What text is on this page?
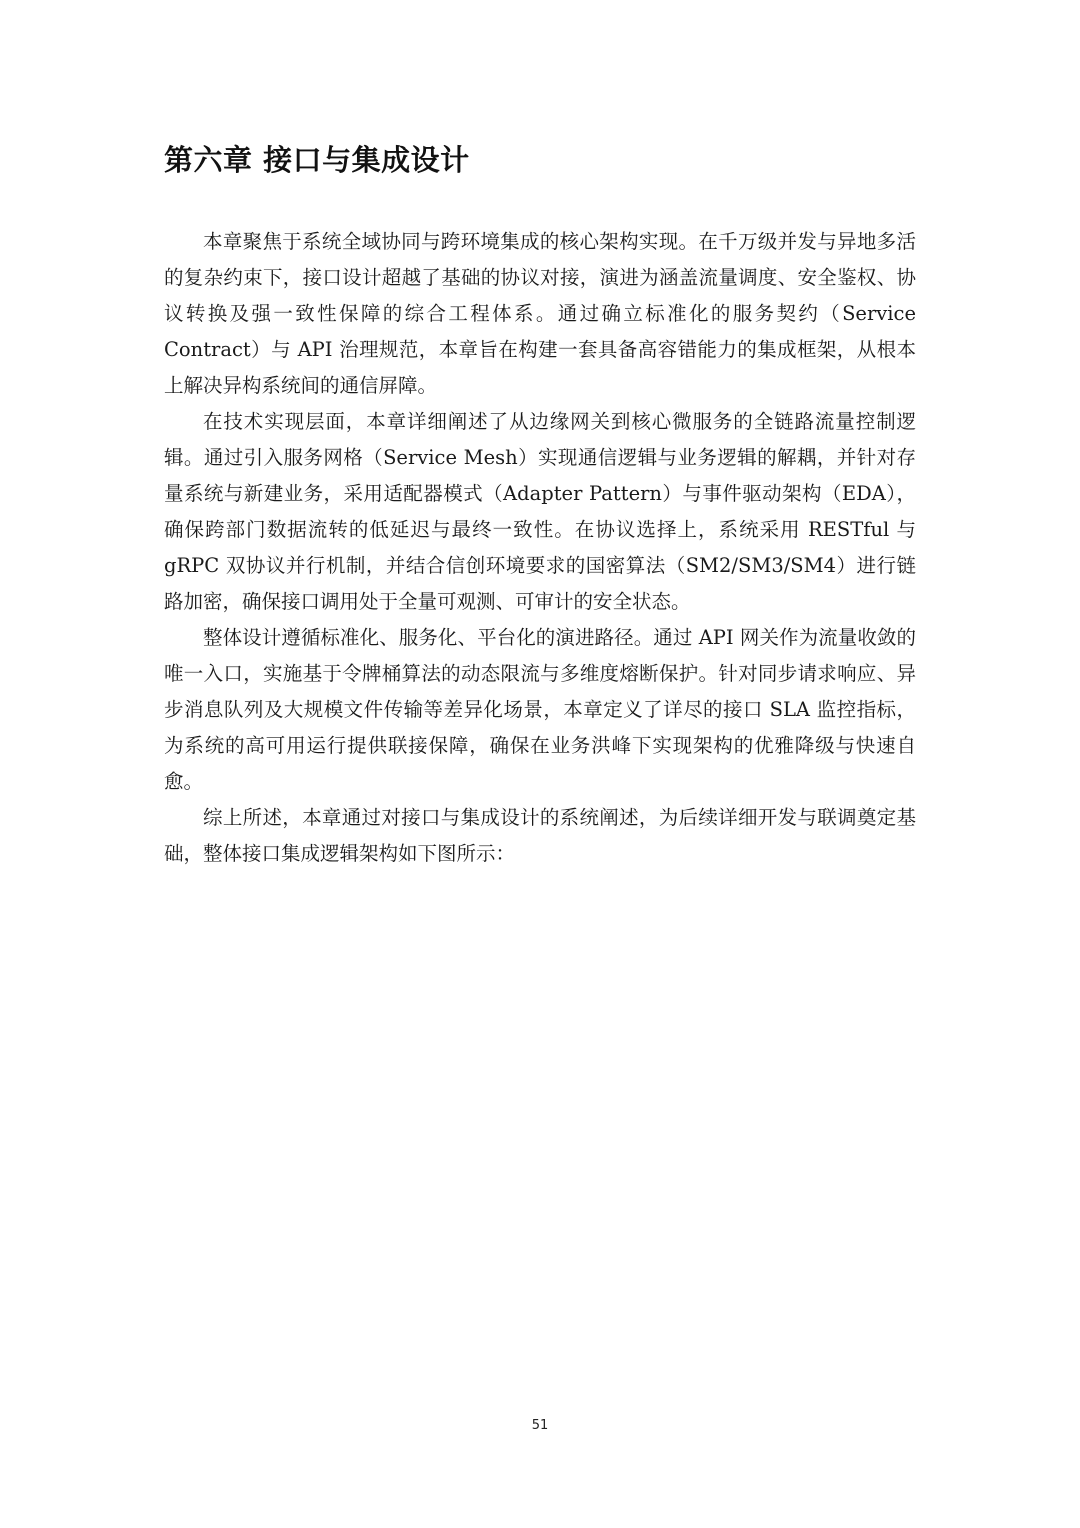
第六章 接口与集成设计

本章聚焦于系统全域协同与跨环境集成的核心架构实现。在千万级并发与异地多活的复杂约束下，接口设计超越了基础的协议对接，演进为涵盖流量调度、安全鉴权、协议转换及强一致性保障的综合工程体系。通过确立标准化的服务契约（Service Contract）与 API 治理规范，本章旨在构建一套具备高容错能力的集成框架，从根本上解决异构系统间的通信屏障。

在技术实现层面，本章详细阐述了从边缘网关到核心微服务的全链路流量控制逻辑。通过引入服务网格（Service Mesh）实现通信逻辑与业务逻辑的解耦，并针对存量系统与新建业务，采用适配器模式（Adapter Pattern）与事件驱动架构（EDA），确保跨部门数据流转的低延迟与最终一致性。在协议选择上，系统采用 RESTful 与 gRPC 双协议并行机制，并结合信创环境要求的国密算法（SM2/SM3/SM4）进行链路加密，确保接口调用处于全量可观测、可审计的安全状态。

整体设计遵循标准化、服务化、平台化的演进路径。通过 API 网关作为流量收敛的唯一入口，实施基于令牌桶算法的动态限流与多维度熔断保护。针对同步请求响应、异步消息队列及大规模文件传输等差异化场景，本章定义了详尽的接口 SLA 监控指标，为系统的高可用运行提供联接保障，确保在业务洪峰下实现架构的优雅降级与快速自愈。

综上所述，本章通过对接口与集成设计的系统阐述，为后续详细开发与联调奠定基础，整体接口集成逻辑架构如下图所示：

51
